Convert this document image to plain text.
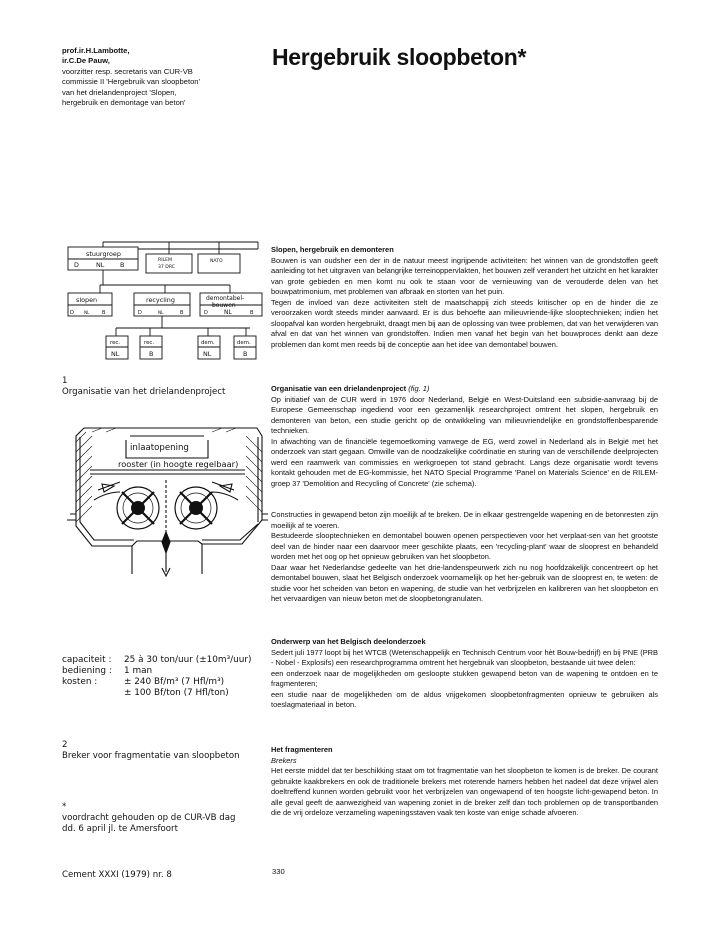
prof.ir.H.Lambotte,
ir.C.De Pauw,
voorzitter resp. secretaris van CUR-VB
commissie II 'Hergebruik van sloopbeton'
van het drielandenproject 'Slopen,
hergebruik en demontage van beton'
Hergebruik sloopbeton*
stuurgroep
D	NL B
RILEM
37 DRC
NATO
slopen
D NL	B
recycling
D	NL	B
demontabel-
bouwen
D	NL	B
rec.
NL
rec.
B
dem.
NL
dem.
B
1
Organisatie van het drielandenproject
inlaatopening
rooster (in hoogte regelbaar)
capaciteit :	25 à 30 ton/uur (±10m³/uur)
bediening :	1 man
kosten :	± 240 Bf/m³ (7 Hfl/m³)
± 100 Bf/ton (7 Hfl/ton)
2
Breker voor fragmentatie van sloopbeton
*
voordracht gehouden op de CUR-VB dag
dd. 6 april jl. te Amersfoort
Cement XXXI (1979) nr. 8

Slopen, hergebruik en demonteren

Bouwen is van oudsher een der in de natuur meest ingrijpende activiteiten: het winnen van de grondstoffen geeft aanleiding tot het uitgraven van belangrijke terreinoppervlakten, het bouwen zelf verandert het uitzicht en het karakter van grote gebieden en men komt nu ook te staan voor de vernieuwing van de verouderde delen van het bouwpatrimonium, met problemen van afbraak en storten van het puin.

Tegen de invloed van deze activiteiten stelt de maatschappij zich steeds kritischer op en de hinder die ze veroorzaken wordt steeds minder aanvaard. Er is dus behoefte aan milieuvriende-lijke slooptechnieken; indien het sloopafval kan worden hergebruikt, draagt men bij aan de oplossing van twee problemen, dat van het verwijderen van afval en dat van het winnen van grondstoffen. Indien men vanaf het begin van het bouwproces denkt aan deze problemen dan komt men reeds bij de conceptie aan het idee van demontabel bouwen.

Organisatie van een drielandenproject (fig. 1)

Op initiatief van de CUR werd in 1976 door Nederland, België en West-Duitsland een subsidie-aanvraag bij de Europese Gemeenschap ingediend voor een gezamenlijk researchproject omtrent het slopen, hergebruik en demonteren van beton, een studie gericht op de ontwikkeling van milieuvriendelijke en grondstoffenbesparende technieken.

In afwachting van de financiële tegemoetkoming vanwege de EG, werd zowel in Nederland als in België met het onderzoek van start gegaan. Omwille van de noodzakelijke coördinatie en sturing van de verschillende deelprojecten werd een raamwerk van commissies en werkgroepen tot stand gebracht. Langs deze organisatie wordt tevens kontakt gehouden met de EG-kommissie, het NATO Special Programme 'Panel on Materials Science' en de RILEM-groep 37 'Demolition and Recycling of Concrete' (zie schema).

Constructies in gewapend beton zijn moeilijk af te breken. De in elkaar gestrengelde wapening en de betonresten zijn moeilijk af te voeren.

Bestudeerde slooptechnieken en demontabel bouwen openen perspectieven voor het verplaat-sen van het grootste deel van de hinder naar een daarvoor meer geschikte plaats, een 'recycling-plant' waar de slooprest en behandeld worden met het oog op het opnieuw gebruiken van het sloopbeton.

Daar waar het Nederlandse gedeelte van het drie-landenspeurwerk zich nu nog hoofdzakelijk concentreert op het demontabel bouwen, slaat het Belgisch onderzoek voornamelijk op het her-gebruik van de slooprest en, te weten: de studie voor het scheiden van beton en wapening, de studie van het verbrijzelen en kalibreren van het sloopbeton en het vervaardigen van nieuw beton met de sloopbetongranulaten.

Onderwerp van het Belgisch deelonderzoek

Sedert juli 1977 loopt bij het WTCB (Wetenschappelijk en Technisch Centrum voor hèt Bouw-bedrijf) en bij PNE (PRB - Nobel - Explosifs) een researchprogramma omtrent het hergebruik van sloopbeton, bestaande uit twee delen:

een onderzoek naar de mogelijkheden om gesloopte stukken gewapend beton van de wapening te ontdoen en te fragmenteren;

een studie naar de mogelijkheden om de aldus vrijgekomen sloopbetonfragmenten opnieuw te gebruiken als toeslagmateriaal in beton.

Het fragmenteren

Brekers

Het eerste middel dat ter beschikking staat om tot fragmentatie van het sloopbeton te komen is de breker. De courant gebruikte kaakbrekers en ook de traditionele brekers met roterende hamers hebben het nadeel dat deze vrijwel alen doeltreffend kunnen worden gebruikt voor het verbrijzelen van ongewapend of ten hoogste licht-gewapend beton. In alle geval geeft de aanwezigheid van wapening zoniet in de breker zelf dan toch problemen op de transportbanden die de vrij ordeloze verzameling wapeningsstaven vaak ten koste van enige schade afvoeren.

330
